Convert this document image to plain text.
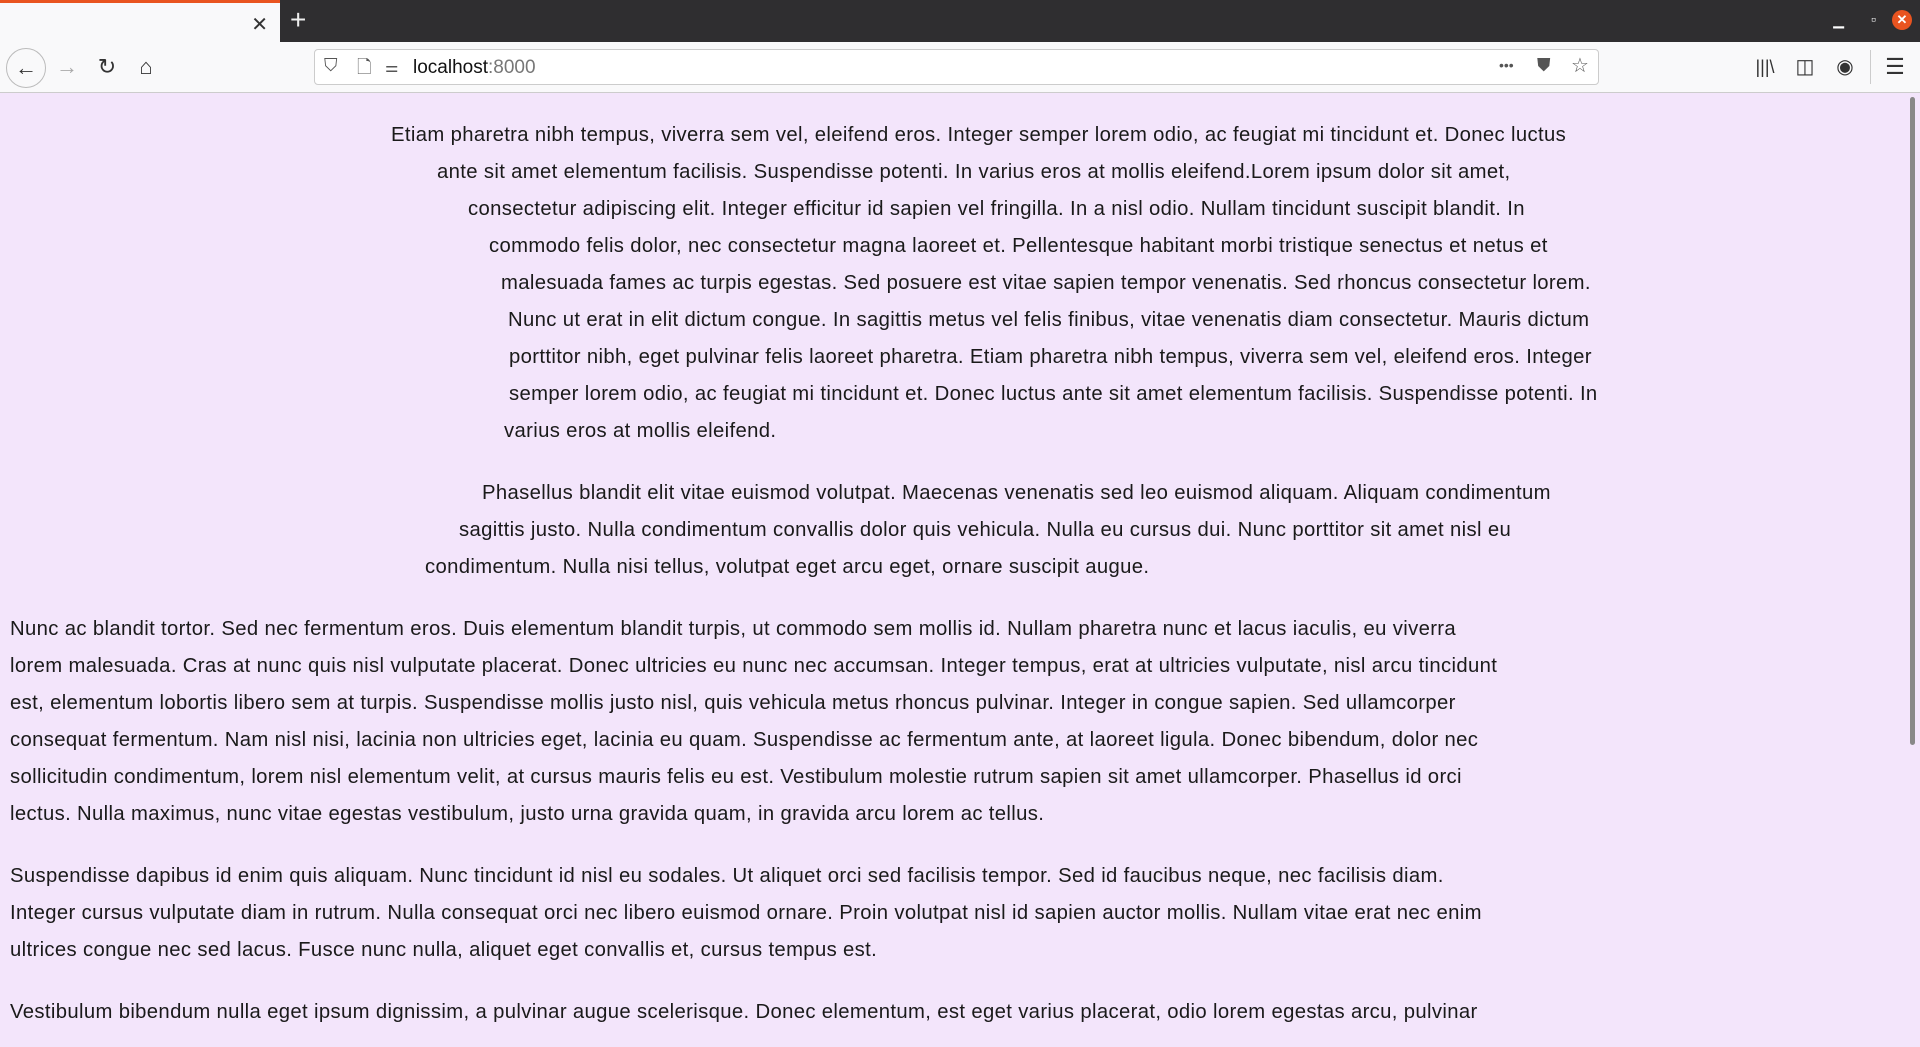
✕ +	▁ ▫	✕
← → ↻	⌂	⛉ 🗋 ⚌ localhost:8000	••• ⛊ ☆	|||\ ◫	◉ ☰
Etiam pharetra nibh tempus, viverra sem vel, eleifend eros. Integer semper lorem odio, ac feugiat mi tincidunt et. Donec luctus
ante sit amet elementum facilisis. Suspendisse potenti. In varius eros at mollis eleifend.Lorem ipsum dolor sit amet,
consectetur adipiscing elit. Integer efficitur id sapien vel fringilla. In a nisl odio. Nullam tincidunt suscipit blandit. In
commodo felis dolor, nec consectetur magna laoreet et. Pellentesque habitant morbi tristique senectus et netus et
malesuada fames ac turpis egestas. Sed posuere est vitae sapien tempor venenatis. Sed rhoncus consectetur lorem.
Nunc ut erat in elit dictum congue. In sagittis metus vel felis finibus, vitae venenatis diam consectetur. Mauris dictum
porttitor nibh, eget pulvinar felis laoreet pharetra. Etiam pharetra nibh tempus, viverra sem vel, eleifend eros. Integer
semper lorem odio, ac feugiat mi tincidunt et. Donec luctus ante sit amet elementum facilisis. Suspendisse potenti. In
varius eros at mollis eleifend.
Phasellus blandit elit vitae euismod volutpat. Maecenas venenatis sed leo euismod aliquam. Aliquam condimentum
sagittis justo. Nulla condimentum convallis dolor quis vehicula. Nulla eu cursus dui. Nunc porttitor sit amet nisl eu
condimentum. Nulla nisi tellus, volutpat eget arcu eget, ornare suscipit augue.
Nunc ac blandit tortor. Sed nec fermentum eros. Duis elementum blandit turpis, ut commodo sem mollis id. Nullam pharetra nunc et lacus iaculis, eu viverra
lorem malesuada. Cras at nunc quis nisl vulputate placerat. Donec ultricies eu nunc nec accumsan. Integer tempus, erat at ultricies vulputate, nisl arcu tincidunt
est, elementum lobortis libero sem at turpis. Suspendisse mollis justo nisl, quis vehicula metus rhoncus pulvinar. Integer in congue sapien. Sed ullamcorper
consequat fermentum. Nam nisl nisi, lacinia non ultricies eget, lacinia eu quam. Suspendisse ac fermentum ante, at laoreet ligula. Donec bibendum, dolor nec
sollicitudin condimentum, lorem nisl elementum velit, at cursus mauris felis eu est. Vestibulum molestie rutrum sapien sit amet ullamcorper. Phasellus id orci
lectus. Nulla maximus, nunc vitae egestas vestibulum, justo urna gravida quam, in gravida arcu lorem ac tellus.
Suspendisse dapibus id enim quis aliquam. Nunc tincidunt id nisl eu sodales. Ut aliquet orci sed facilisis tempor. Sed id faucibus neque, nec facilisis diam.
Integer cursus vulputate diam in rutrum. Nulla consequat orci nec libero euismod ornare. Proin volutpat nisl id sapien auctor mollis. Nullam vitae erat nec enim
ultrices congue nec sed lacus. Fusce nunc nulla, aliquet eget convallis et, cursus tempus est.
Vestibulum bibendum nulla eget ipsum dignissim, a pulvinar augue scelerisque. Donec elementum, est eget varius placerat, odio lorem egestas arcu, pulvinar
